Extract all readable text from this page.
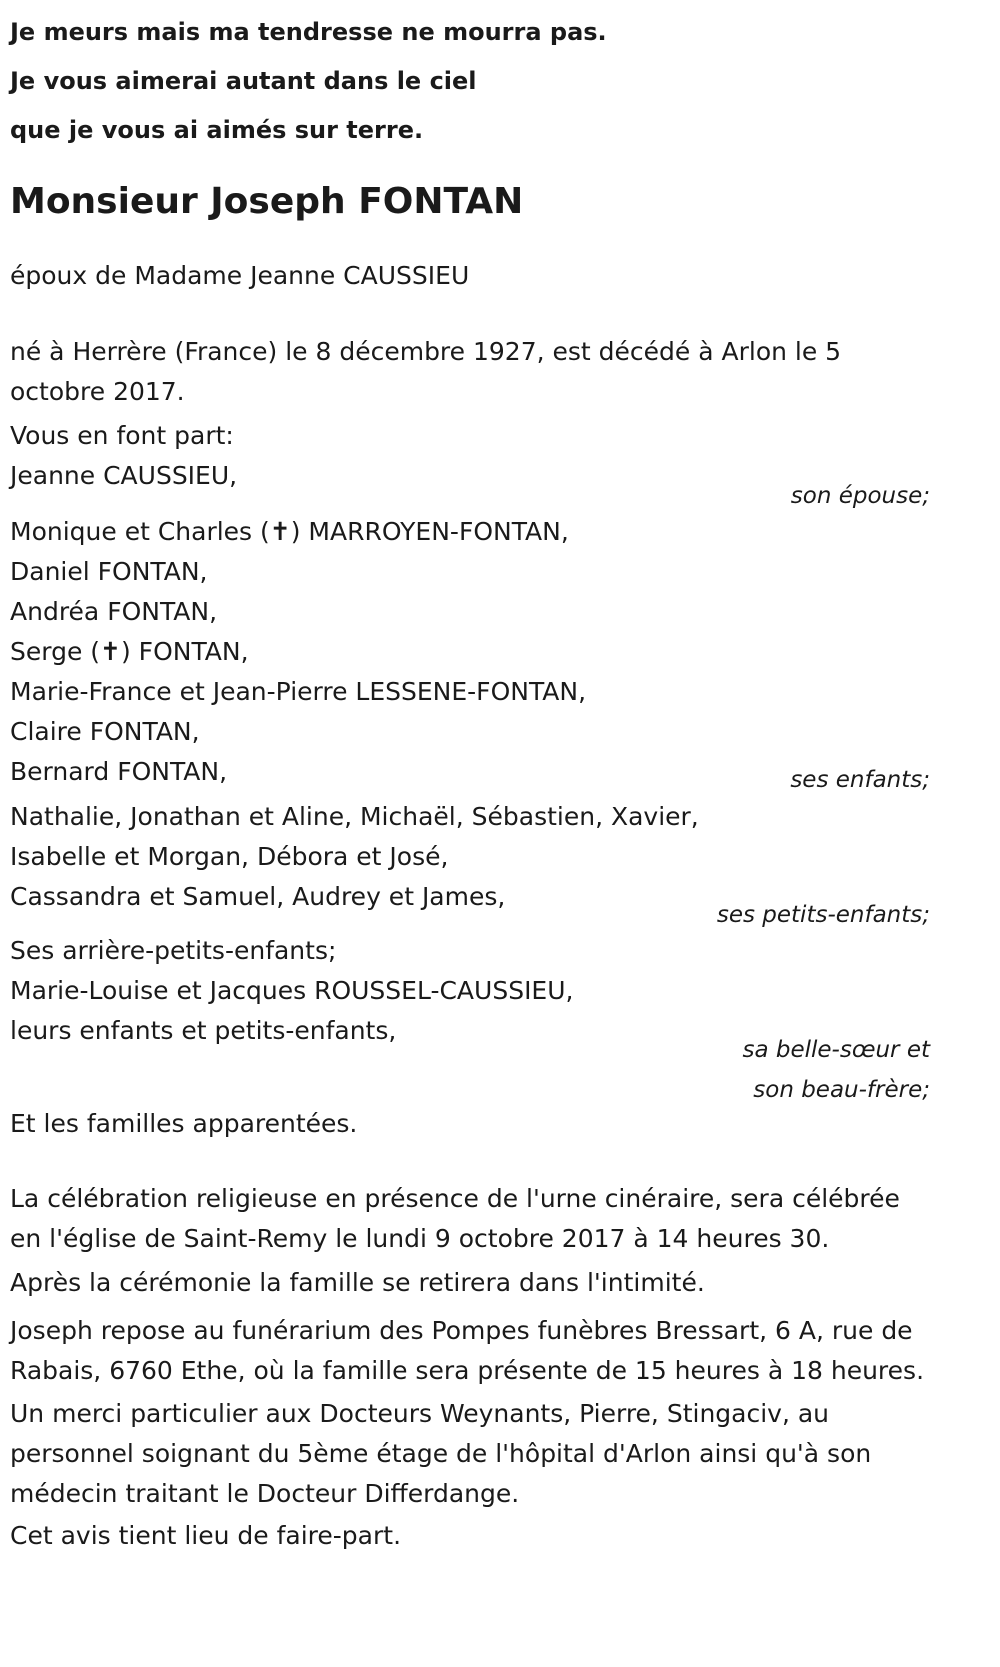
Je meurs mais ma tendresse ne mourra pas.
Je vous aimerai autant dans le ciel
que je vous ai aimés sur terre.
Monsieur Joseph FONTAN

époux de Madame Jeanne CAUSSIEU

né à Herrère (France) le 8 décembre 1927, est décédé à Arlon le 5
octobre 2017.
Vous en font part:
Jeanne CAUSSIEU,

son épouse;

Monique et Charles (✝) MARROYEN-FONTAN,
Daniel FONTAN,
Andréa FONTAN,
Serge (✝) FONTAN,
Marie-France et Jean-Pierre LESSENE-FONTAN,
Claire FONTAN,
Bernard FONTAN,	ses enfants;

Nathalie, Jonathan et Aline, Michaël, Sébastien, Xavier,
Isabelle et Morgan, Débora et José,
Cassandra et Samuel, Audrey et James,

ses petits-enfants;

Ses arrière-petits-enfants;
Marie-Louise et Jacques ROUSSEL-CAUSSIEU,
leurs enfants et petits-enfants,
sa belle-sœur et
son beau-frère;

Et les familles apparentées.

La célébration religieuse en présence de l'urne cinéraire, sera célébrée
en l'église de Saint-Remy le lundi 9 octobre 2017 à 14 heures 30.

Après la cérémonie la famille se retirera dans l'intimité.

Joseph repose au funérarium des Pompes funèbres Bressart, 6 A, rue de
Rabais, 6760 Ethe, où la famille sera présente de 15 heures à 18 heures.
Un merci particulier aux Docteurs Weynants, Pierre, Stingaciv, au
personnel soignant du 5ème étage de l'hôpital d'Arlon ainsi qu'à son
médecin traitant le Docteur Differdange.

Cet avis tient lieu de faire-part.
